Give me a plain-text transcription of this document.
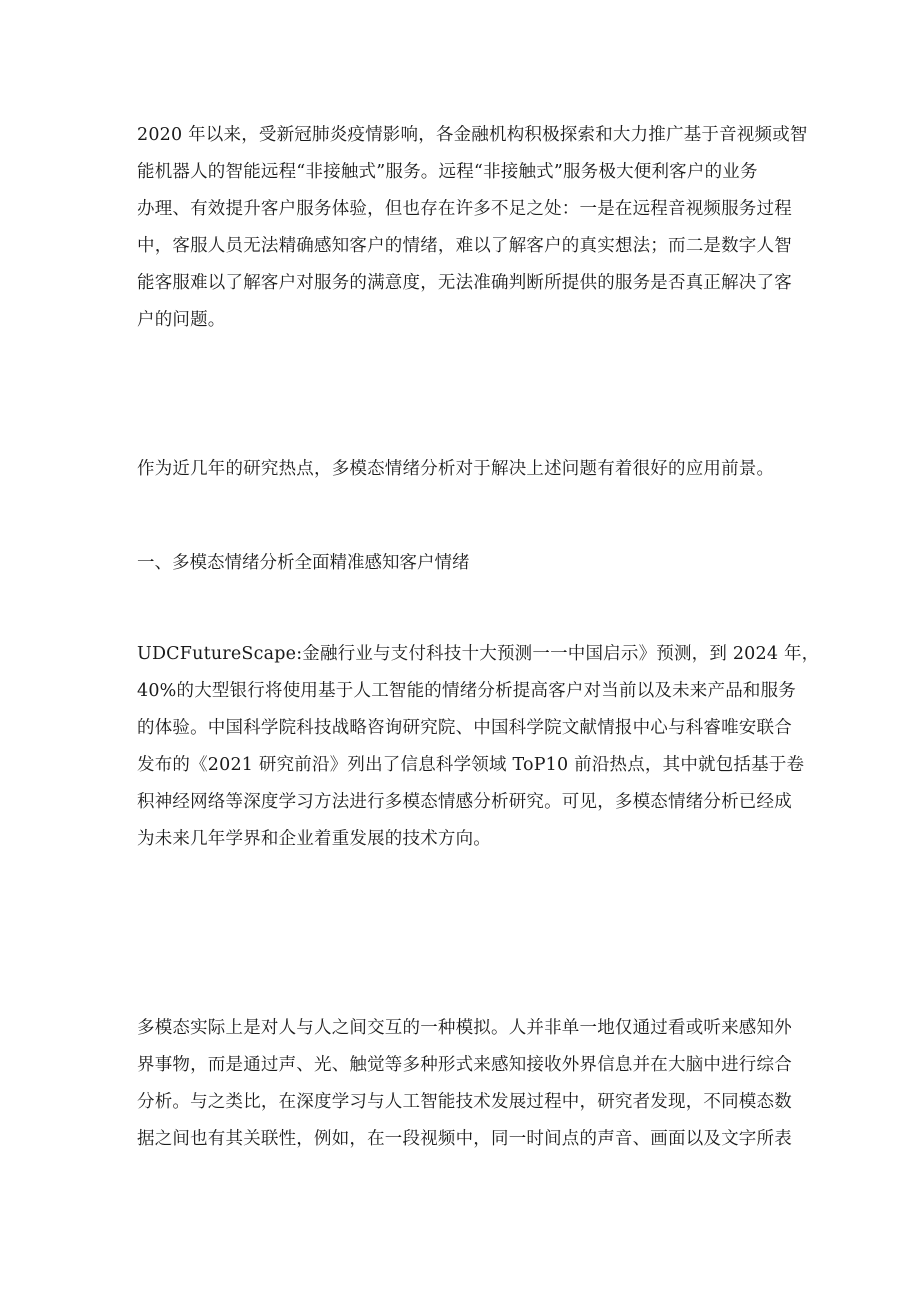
2020 年以来，受新冠肺炎疫情影响，各金融机构积极探索和大力推广基于音视频或智
能机器人的智能远程“非接触式”服务。远程“非接触式”服务极大便利客户的业务
办理、有效提升客户服务体验，但也存在许多不足之处：一是在远程音视频服务过程
中，客服人员无法精确感知客户的情绪，难以了解客户的真实想法；而二是数字人智
能客服难以了解客户对服务的满意度，无法准确判断所提供的服务是否真正解决了客
户的问题。

作为近几年的研究热点，多模态情绪分析对于解决上述问题有着很好的应用前景。

一、多模态情绪分析全面精准感知客户情绪

UDCFutureScape:金融行业与支付科技十大预测一一中国启示》预测，到 2024 年，
40%的大型银行将使用基于人工智能的情绪分析提高客户对当前以及未来产品和服务
的体验。中国科学院科技战略咨询研究院、中国科学院文献情报中心与科睿唯安联合
发布的《2021 研究前沿》列出了信息科学领域 ToP10 前沿热点，其中就包括基于卷
积神经网络等深度学习方法进行多模态情感分析研究。可见，多模态情绪分析已经成
为未来几年学界和企业着重发展的技术方向。

多模态实际上是对人与人之间交互的一种模拟。人并非单一地仅通过看或听来感知外
界事物，而是通过声、光、触觉等多种形式来感知接收外界信息并在大脑中进行综合
分析。与之类比，在深度学习与人工智能技术发展过程中，研究者发现，不同模态数
据之间也有其关联性，例如，在一段视频中，同一时间点的声音、画面以及文字所表
